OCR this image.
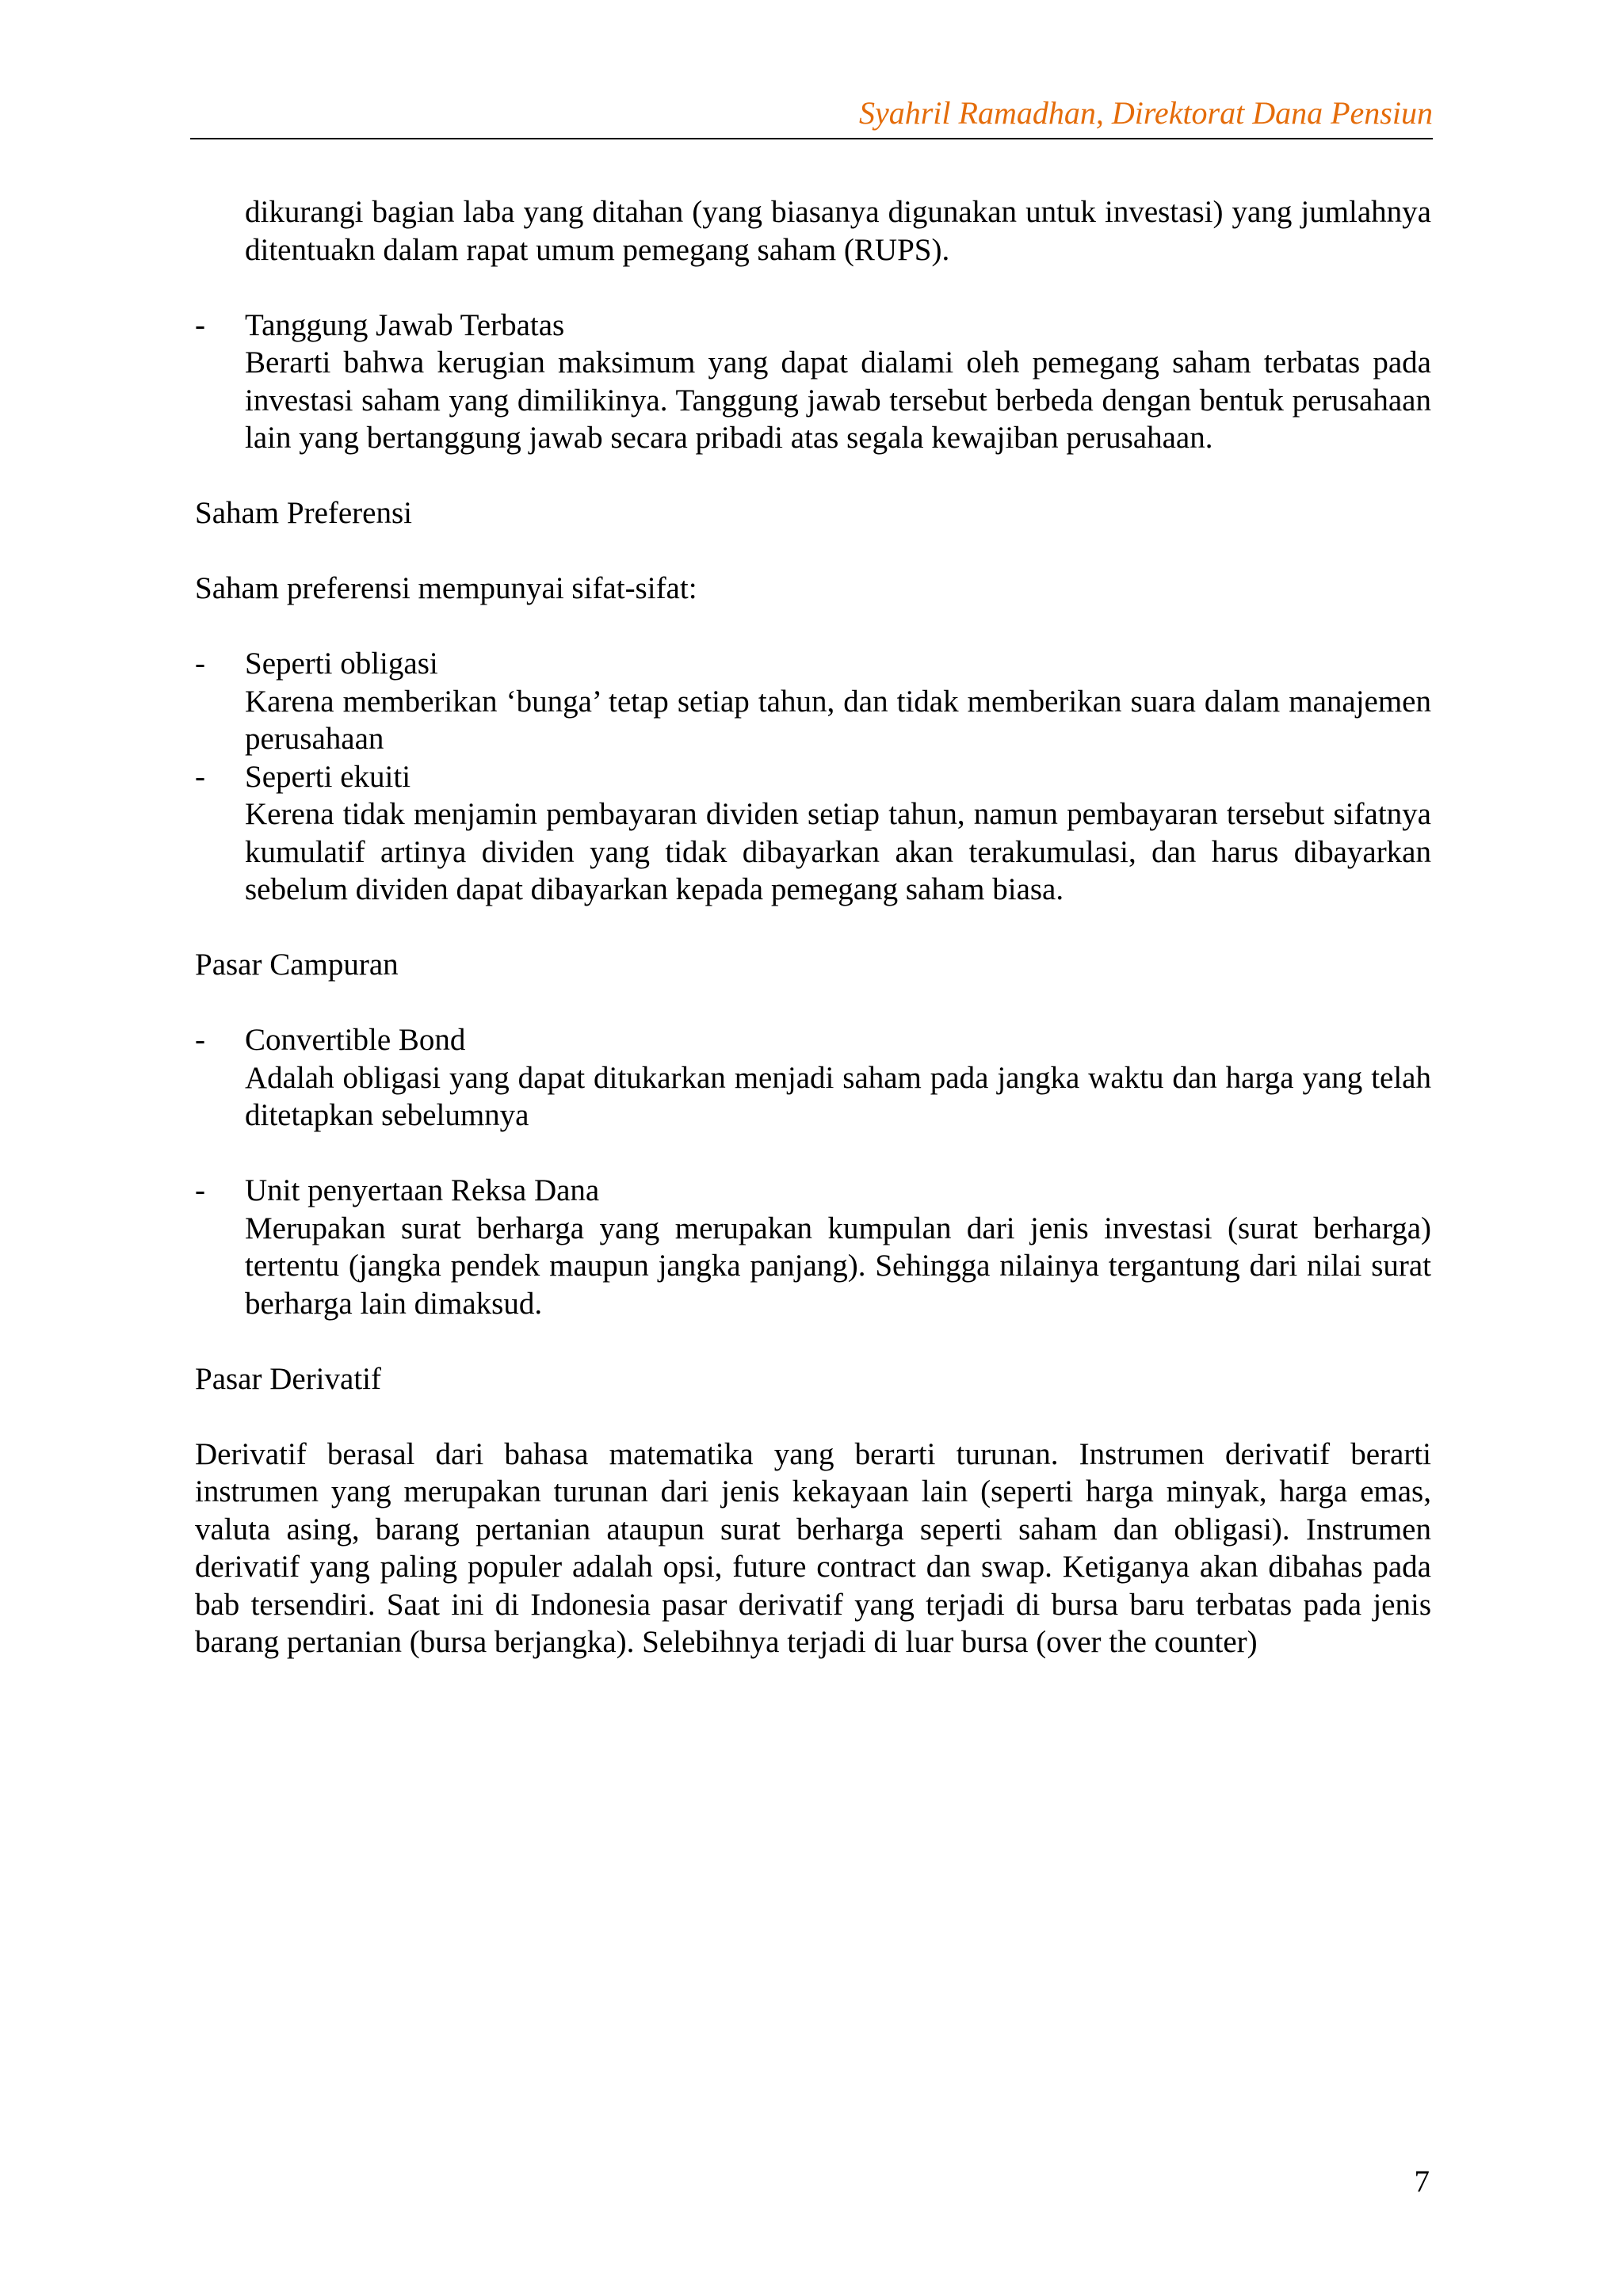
Syahril Ramadhan, Direktorat Dana Pensiun

dikurangi bagian laba yang ditahan (yang biasanya digunakan untuk investasi) yang jumlahnya ditentuakn dalam rapat umum pemegang saham (RUPS).

- Tanggung Jawab Terbatas

Berarti bahwa kerugian maksimum yang dapat dialami oleh pemegang saham terbatas pada investasi saham yang dimilikinya. Tanggung jawab tersebut berbeda dengan bentuk perusahaan lain yang bertanggung jawab secara pribadi atas segala kewajiban perusahaan.

Saham Preferensi

Saham preferensi mempunyai sifat-sifat:

- Seperti obligasi

Karena memberikan ‘bunga’ tetap setiap tahun, dan tidak memberikan suara dalam manajemen perusahaan

- Seperti ekuiti

Kerena tidak menjamin pembayaran dividen setiap tahun, namun pembayaran tersebut sifatnya kumulatif artinya dividen yang tidak dibayarkan akan terakumulasi, dan harus dibayarkan sebelum dividen dapat dibayarkan kepada pemegang saham biasa.

Pasar Campuran

- Convertible Bond

Adalah obligasi yang dapat ditukarkan menjadi saham pada jangka waktu dan harga yang telah ditetapkan sebelumnya

- Unit penyertaan Reksa Dana

Merupakan surat berharga yang merupakan kumpulan dari jenis investasi (surat berharga) tertentu (jangka pendek maupun jangka panjang). Sehingga nilainya tergantung dari nilai surat berharga lain dimaksud.

Pasar Derivatif

Derivatif berasal dari bahasa matematika yang berarti turunan. Instrumen derivatif berarti instrumen yang merupakan turunan dari jenis kekayaan lain (seperti harga minyak, harga emas, valuta asing, barang pertanian ataupun surat berharga seperti saham dan obligasi). Instrumen derivatif yang paling populer adalah opsi, future contract dan swap. Ketiganya akan dibahas pada bab tersendiri. Saat ini di Indonesia pasar derivatif yang terjadi di bursa baru terbatas pada jenis barang pertanian (bursa berjangka). Selebihnya terjadi di luar bursa (over the counter)

7
